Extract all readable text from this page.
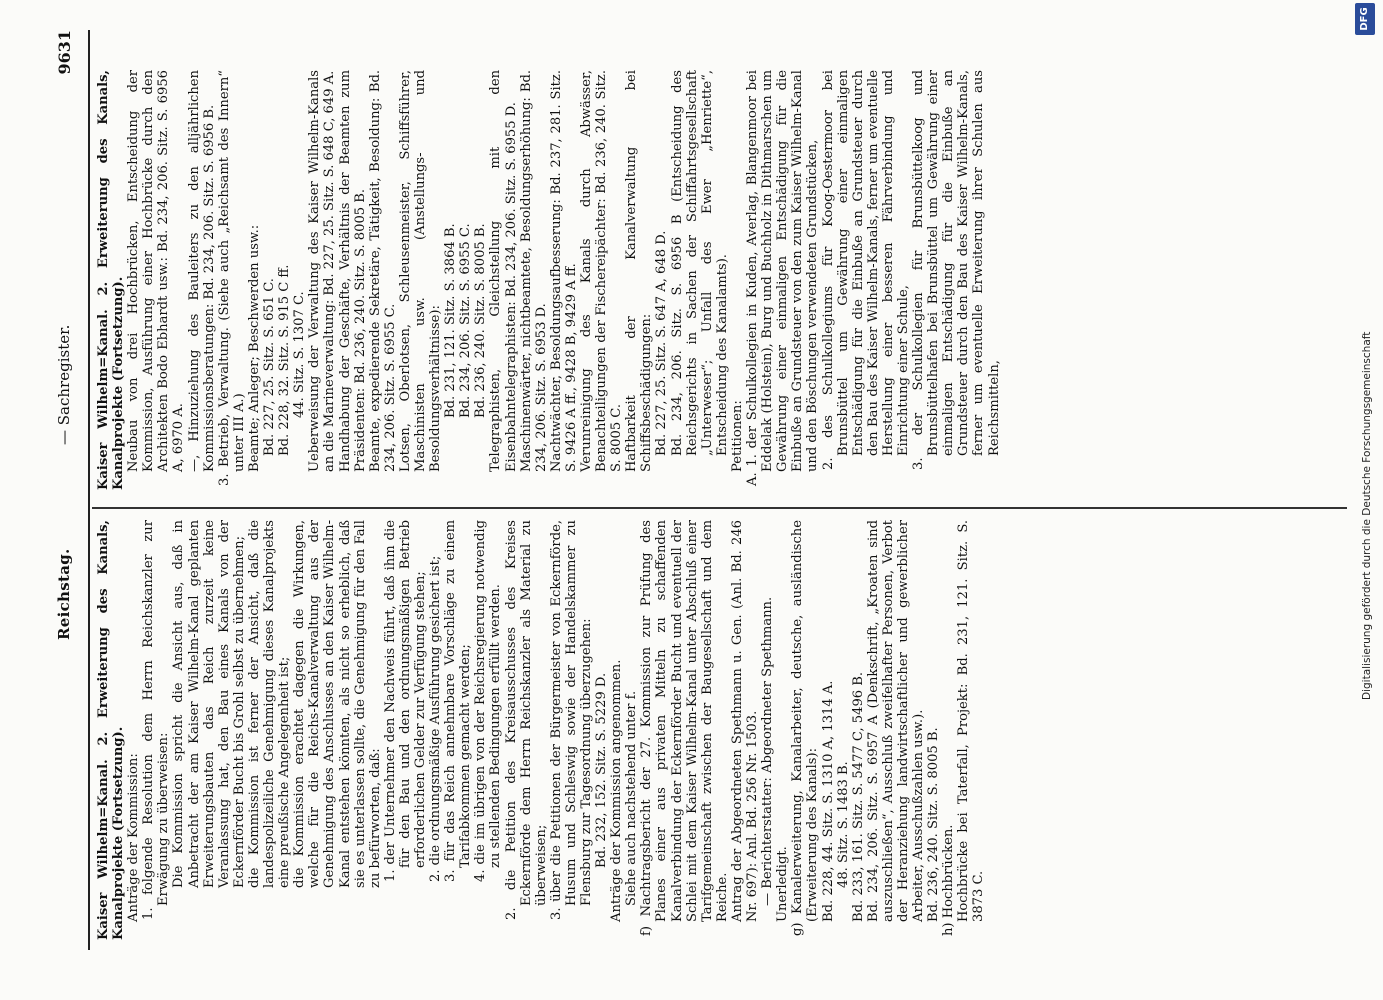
Reichstag.
— Sachregister.
9631

Kaiser Wilhelm=Kanal. 2. Erweiterung des Kanals, Kanalprojekte (Fortsetzung). Anträge der Kommission: 1. folgende Resolution dem Herrn Reichskanzler zur Erwägung zu überweisen: Die Kommission spricht die Ansicht aus, daß in Anbetracht der am Kaiser Wilhelm-Kanal geplanten Erweiterungsbauten das Reich zurzeit keine Veranlassung hat, den Bau eines Kanals von der Eckernförder Bucht bis Grohl selbst zu übernehmen; die Kommission ist ferner der Ansicht, daß die landespolizeiliche Genehmigung dieses Kanalprojekts eine preußische Angelegenheit ist; die Kommission erachtet dagegen die Wirkungen, welche für die Reichs-Kanalverwaltung aus der Genehmigung des Anschlusses an den Kaiser Wilhelm-Kanal entstehen könnten, als nicht so erheblich, daß sie es unterlassen sollte, die Genehmigung für den Fall zu befürworten, daß: 1. der Unternehmer den Nachweis führt, daß ihm die für den Bau und den ordnungsmäßigen Betrieb erforderlichen Gelder zur Verfügung stehen; 2. die ordnungsmäßige Ausführung gesichert ist; 3. für das Reich annehmbare Vorschläge zu einem Tarifabkommen gemacht werden; 4. die im übrigen von der Reichsregierung notwendig zu stellenden Bedingungen erfüllt werden. 2. die Petition des Kreisausschusses des Kreises Eckernförde dem Herrn Reichskanzler als Material zu überweisen; 3. über die Petitionen der Bürgermeister von Eckernförde, Husum und Schleswig sowie der Handelskammer zu Flensburg zur Tagesordnung überzugehen: Bd. 232, 152. Sitz. S. 5229 D. Anträge der Kommission angenommen. Siehe auch nachstehend unter f. f) Nachtragsbericht der 27. Kommission zur Prüfung des Planes einer aus privaten Mitteln zu schaffenden Kanalverbindung der Eckernförder Bucht und eventuell der Schlei mit dem Kaiser Wilhelm-Kanal unter Abschluß einer Tarifgemeinschaft zwischen der Baugesellschaft und dem Reiche. Antrag der Abgeordneten Spethmann u. Gen. (Anl. Bd. 246 Nr. 697): Anl. Bd. 256 Nr. 1503. — Berichterstatter: Abgeordneter Spethmann. Unerledigt. g) Kanalerweiterung, Kanalarbeiter, deutsche, ausländische (Erweiterung des Kanals): Bd. 228, 44. Sitz. S. 1310 A, 1314 A. 48. Sitz. S. 1483 B. Bd. 233, 161. Sitz. S. 5477 C, 5496 B. Bd. 234, 206. Sitz. S. 6957 A (Denkschrift, „Kroaten sind auszuschließen“, Ausschluß zweifelhafter Personen, Verbot der Heranziehung landwirtschaftlicher und gewerblicher Arbeiter, Ausschußzahlen usw.). Bd. 236, 240. Sitz. S. 8005 B. h) Hochbrücken. Hochbrücke bei Taterfall, Projekt: Bd. 231, 121. Sitz. S. 3873 C.

Kaiser Wilhelm=Kanal. 2. Erweiterung des Kanals, Kanalprojekte (Fortsetzung). Neubau von drei Hochbrücken, Entscheidung der Kommission, Ausführung einer Hochbrücke durch den Architekten Bodo Ebhardt usw.: Bd. 234, 206. Sitz. S. 6956 A, 6970 A. —, Hinzuziehung des Bauleiters zu den alljährlichen Kommissionsberatungen: Bd. 234, 206. Sitz. S. 6956 B. 3. Betrieb, Verwaltung. (Siehe auch „Reichsamt des Innern“ unter III A.) Beamte; Anleger; Beschwerden usw.: Bd. 227, 25. Sitz. S. 651 C. Bd. 228, 32. Sitz. S. 915 C ff. 44. Sitz. S. 1307 C. Ueberweisung der Verwaltung des Kaiser Wilhelm-Kanals an die Marineverwaltung: Bd. 227, 25. Sitz. S. 648 C, 649 A. Handhabung der Geschäfte, Verhältnis der Beamten zum Präsidenten: Bd. 236, 240. Sitz. S. 8005 B. Beamte, expedierende Sekretäre, Tätigkeit, Besoldung: Bd. 234, 206. Sitz. S. 6955 C. Lotsen, Oberlotsen, Schleusenmeister, Schiffsführer, Maschinisten usw. (Anstellungs- und Besoldungsverhältnisse): Bd. 231, 121. Sitz. S. 3864 B. Bd. 234, 206. Sitz. S. 6955 C. Bd. 236, 240. Sitz. S. 8005 B. Telegraphisten, Gleichstellung mit den Eisenbahntelegraphisten: Bd. 234, 206. Sitz. S. 6955 D. Maschinenwärter, nichtbeamtete, Besoldungserhöhung: Bd. 234, 206. Sitz. S. 6953 D. Nachtwächter, Besoldungsaufbesserung: Bd. 237, 281. Sitz. S. 9426 A ff., 9428 B, 9429 A ff. Verunreinigung des Kanals durch Abwässer, Benachteiligungen der Fischereipächter: Bd. 236, 240. Sitz. S. 8005 C. Haftbarkeit der Kanalverwaltung bei Schiffsbeschädigungen: Bd. 227, 25. Sitz. S. 647 A, 648 D. Bd. 234, 206. Sitz. S. 6956 B (Entscheidung des Reichsgerichts in Sachen der Schiffahrtsgesellschaft „Unterweser“; Unfall des Ewer „Henriette“, Entscheidung des Kanalamts). Petitionen: A. 1. der Schulkollegien in Kuden, Averlag, Blangenmoor bei Eddelak (Holstein), Burg und Buchholz in Dithmarschen um Gewährung einer einmaligen Entschädigung für die Einbuße an Grundsteuer von den zum Kaiser Wilhelm-Kanal und den Böschungen verwendeten Grundstücken, 2. des Schulkollegiums für Koog-Oestermoor bei Brunsbüttel um Gewährung einer einmaligen Entschädigung für die Einbuße an Grundsteuer durch den Bau des Kaiser Wilhelm-Kanals, ferner um eventuelle Herstellung einer besseren Fährverbindung und Einrichtung einer Schule, 3. der Schulkollegien für Brunsbüttelkoog und Brunsbüttelhafen bei Brunsbüttel um Gewährung einer einmaligen Entschädigung für die Einbuße an Grundsteuer durch den Bau des Kaiser Wilhelm-Kanals, ferner um eventuelle Erweiterung ihrer Schulen aus Reichsmitteln,	Digitalisierung gefördert durch die Deutsche Forschungsgemeinschaft
DFG
